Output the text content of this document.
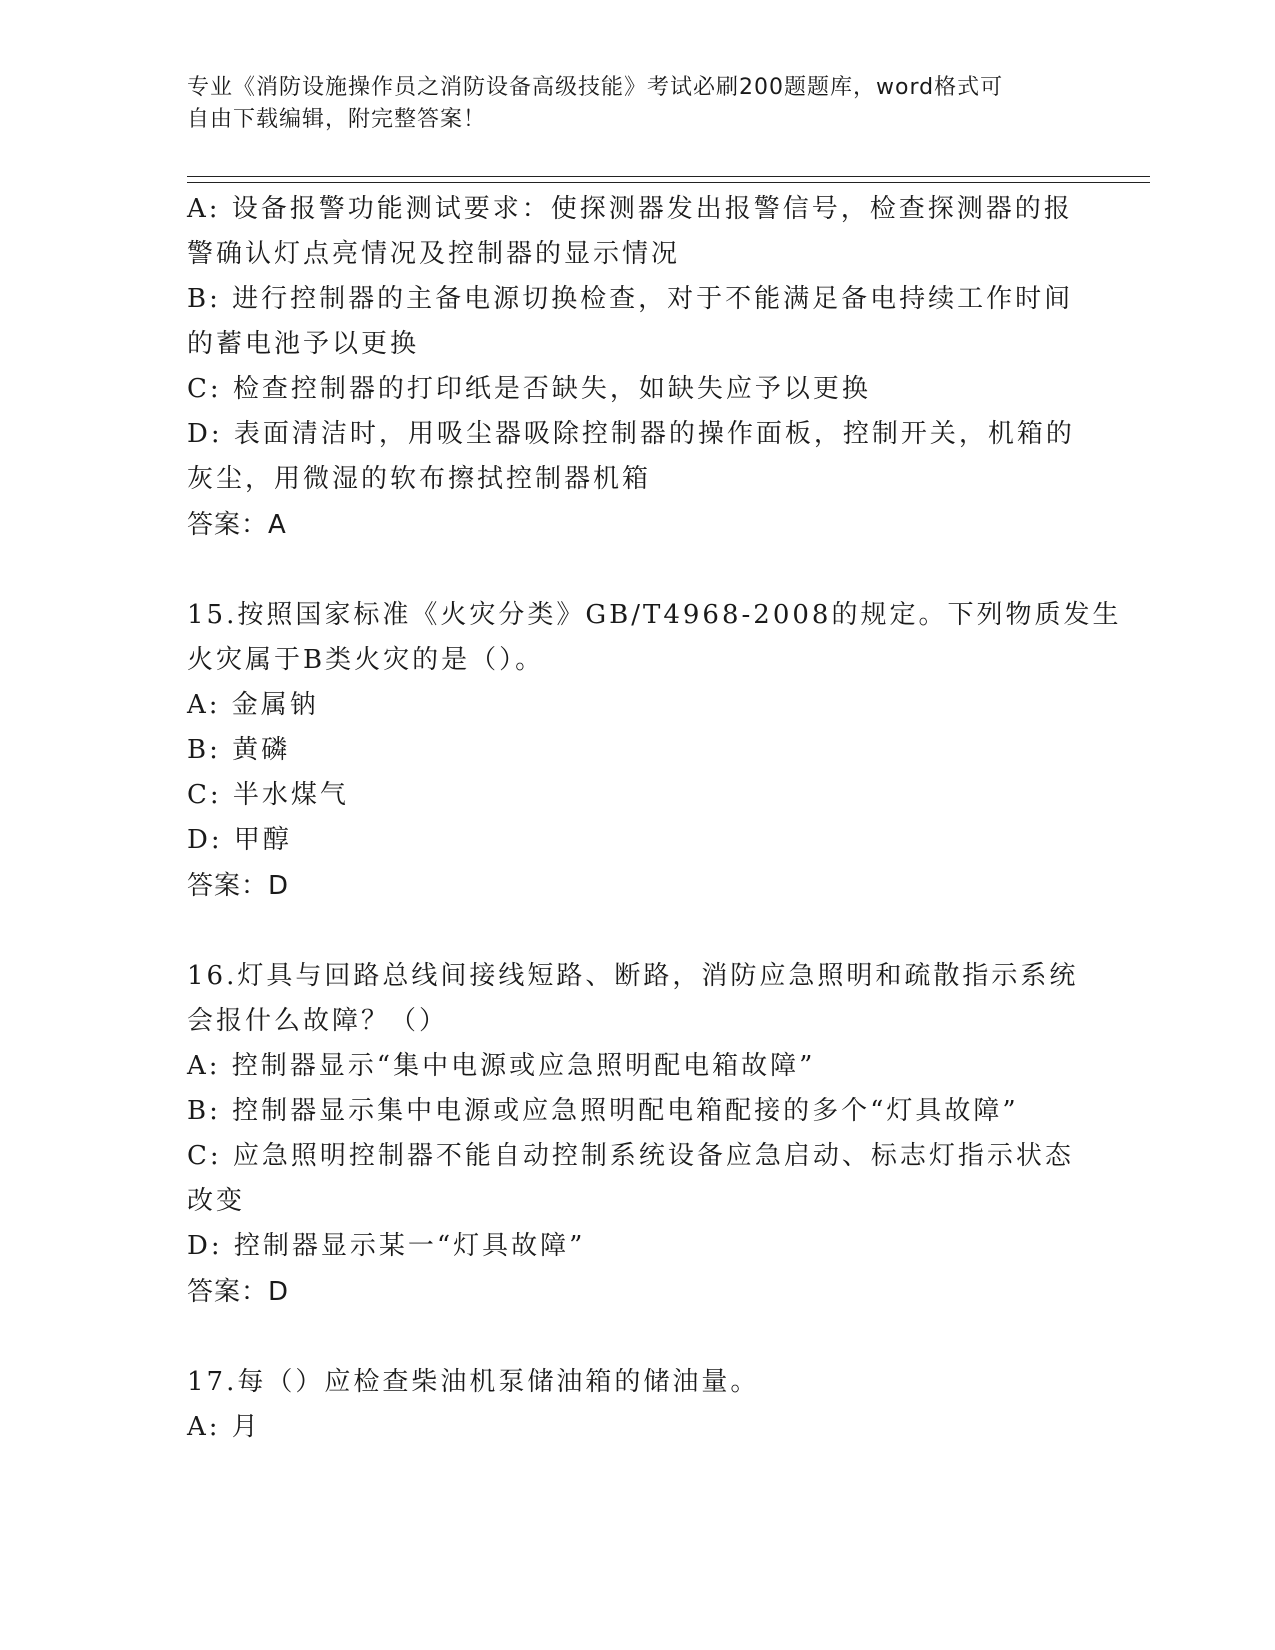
专业《消防设施操作员之消防设备高级技能》考试必刷200题题库，word格式可
自由下载编辑，附完整答案！
A: 设备报警功能测试要求：使探测器发出报警信号，检查探测器的报
警确认灯点亮情况及控制器的显示情况
B: 进行控制器的主备电源切换检查，对于不能满足备电持续工作时间
的蓄电池予以更换
C: 检查控制器的打印纸是否缺失，如缺失应予以更换
D: 表面清洁时，用吸尘器吸除控制器的操作面板，控制开关，机箱的
灰尘，用微湿的软布擦拭控制器机箱
答案：A
15.按照国家标准《火灾分类》GB/T4968-2008的规定。下列物质发生
火灾属于B类火灾的是（）。
A: 金属钠
B: 黄磷
C: 半水煤气
D: 甲醇
答案：D
16.灯具与回路总线间接线短路、断路，消防应急照明和疏散指示系统
会报什么故障？（）
A: 控制器显示“集中电源或应急照明配电箱故障”
B: 控制器显示集中电源或应急照明配电箱配接的多个“灯具故障”
C: 应急照明控制器不能自动控制系统设备应急启动、标志灯指示状态
改变
D: 控制器显示某一“灯具故障”
答案：D
17.每（）应检查柴油机泵储油箱的储油量。
A: 月
